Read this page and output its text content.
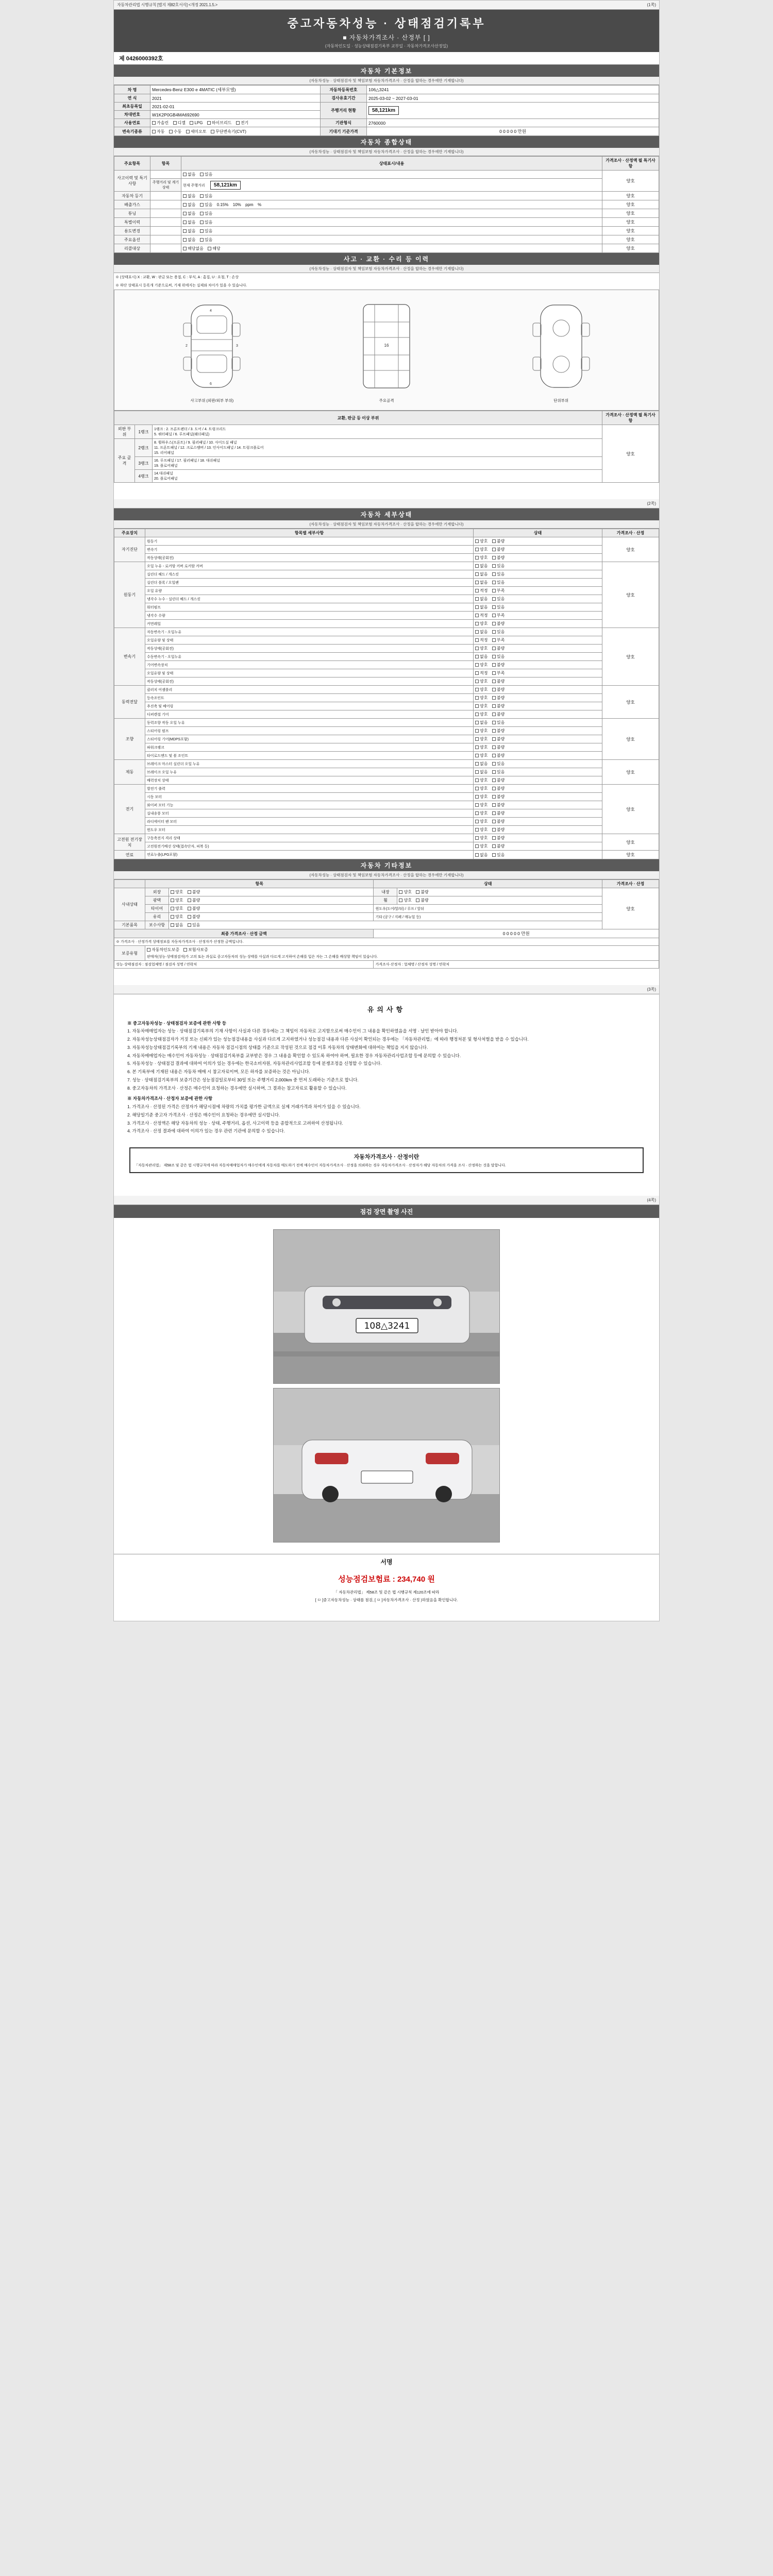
자동차관리법 시행규칙 [별지 제82호서식] <개정 2021.1.5.>	(1쪽)
중고자동차성능 · 상태점검기록부
■ 자동차가격조사 · 산정부 [ ]
(자동차인도일 · 성능상태점검기록부 교부일 · 자동차가격조사산정일)
제 0426000392호
자동차 기본정보
(자동차성능 · 상태점검자 및 책임보험 자동차가격조사 · 산정을 합하는 경우에만 기재합니다)
차 명	Mercedes-Benz E300 e 4MATIC (세부모델)	자동차등록번호	106△3241
연 식	2021	검사유효기간	2025-03-02 ~ 2027-03-01
최초등록일	2021-02-01	주행거리 현황	58,121km
차대번호	W1K2P0GB4MA692690		
사용연료	가솔린 디젤 LPG 하이브리드 전기	기관형식	2760000
변속기종류	자동 수동 세미오토 무단변속기(CVT)	기대기 기준가격	0 0 0 0 0 만원
자동차 종합상태
(자동차성능 · 상태점검자 및 책임보험 자동차가격조사 · 산정을 합하는 경우에만 기재합니다)
주요항목	항목	상태표시/내용	가격조사 · 산정액 필 특기사항
사고이력 및 특기사항		없음 있음	양호
	주행거리 및 계기상태	현재 주행거리 58,121km	
자동차 등기		없음 있음	양호
배출가스		없음 있음 0.15% 10% ppm %	양호
튜닝		없음 있음	양호
특별이력		없음 있음	양호
용도변경		없음 있음	양호
주요옵션		없음 있음	양호
리콜대상		해당없음 해당	양호
사고 · 교환 · 수리 등 이력
(자동차성능 · 상태점검자 및 책임보험 자동차가격조사 · 산정을 합하는 경우에만 기재합니다)
※ (상태표시) X : 교환, W : 판금 또는 용접, C : 부식, A : 흠집, U : 요철, T : 손상
※ 하단 상태표시 등록개 기준으로써, 기재 위에지는 실제와 차이가 있을 수 있습니다.
4
6
2	3
사고부위 (외판/외부 부위)
16
주요골격	단위부위
교환, 판금 등 이상 부위			가격조사 · 산정액 필 특기사항
외판 부위	1랭크	1랭크 : 2. 프론트펜더 / 3. 도어 / 4. 트렁크리드
5. 쿼터패널 / 6. 루프패널(웨더패널)	양호
주요 골격	2랭크	8. 휠하우스(프론트) / 9. 필러패널 / 10. 사이드실 패널
11. 프론트패널 / 12. 크로스멤버 / 13. 인사이드패널 / 14. 트렁크플로어
15. 리어패널	

	3랭크	16. 루프패널 / 17. 필러패널 / 18. 대쉬패널
19. 플로어패널	

	4랭크	14.대쉬패널
20. 플로어패널	
(2쪽)
자동차 세부상태
(자동차성능 · 상태점검자 및 책임보험 자동차가격조사 · 산정을 합하는 경우에만 기재합니다)
주요장치	항목별 세부사항	상태	가격조사 · 산정
자기진단	원동기	양호 불량	양호
	변속기	양호 불량	
	작동상태(공회전)	양호 불량	
원동기	오일 누유 - 로커암 커버 로커암 커버	없음 있음	양호
	실린더 헤드 / 개스킷	없음 있음	
	실린더 블록 / 오일팬	없음 있음	
	오일 유량	적정 부족	
	냉각수 누수 - 실린더 헤드 / 개스킷	없음 있음	
	워터펌프	없음 있음	
	냉각수 수량	적정 부족	
	커먼레일	양호 불량	
변속기	자동변속기 - 오일누유	없음 있음	양호
	오일유량 및 상태	적정 부족	
	작동상태(공회전)	양호 불량	
	수동변속기 - 오일누유	없음 있음	
	기어변속장치	양호 불량	
	오일유량 및 상태	적정 부족	
	작동상태(공회전)	양호 불량	
동력전달	클러치 어셈블리	양호 불량	양호
	등속조인트	양호 불량	
	추진축 및 베어링	양호 불량	
	디퍼렌셜 기어	양호 불량	
조향	동력조향 작동 오일 누유	없음 있음	양호
	스티어링 펌프	양호 불량	
	스티어링 기어(MDPS포함)	양호 불량	
	파워크랭크	양호 불량	
	타이로드엔드 및 볼 조인트	양호 불량	
제동	브레이크 마스터 실린더 오일 누유	없음 있음	양호
	브레이크 오일 누유	없음 있음	
	배력장치 상태	양호 불량	
전기	발전기 출력	양호 불량	양호
	시동 모터	양호 불량	
	와이퍼 모터 기능	양호 불량	
	실내송풍 모터	양호 불량	
	라디에이터 팬 모터	양호 불량	
	윈도우 모터	양호 불량	
고전원 전기장치	구동축전지 격리 상태	양호 불량	양호
	고전원전기배선 상태(접속단자, 피복 등)	양호 불량	
연료	연료누출(LPG포함)	없음 있음	양호
자동차 기타정보
(자동차성능 · 상태점검자 및 책임보험 자동차가격조사 · 산정을 합하는 경우에만 기재합니다)
	항목		상태		가격조사 · 산정
사내상태	외장	양호 불량	내장	양호 불량	양호
	광택	양호 불량	휠	양호 불량	
	타이어	양호 불량	윈도우(도어/앞/뒤) / 루프 / 앞뒤		
	유리	양호 불량	기타 (공구 / 지폐 / 매뉴얼 등)		
기본품목	보수사항	없음 있음			
최종 가격조사 · 산정 금액			0 0 0 0 0 만원		
※ 가격조사 · 산정가격 상태정보를 자동차가격조사 · 산정자가 산정한 금액입니다.					
보증유형	자동차인도보증 보험사보증
판매자(성능·상태점검자)가 고의 또는 과실로 중고자동차의 성능·상태를 사실과 다르게 고지하여 손해를 입은 자는 그 손해를 배상할 책임이 있습니다.				

성능·상태점검자 : 점검업체명 / 점검자 성명 / 연락처			가격조사·산정자 : 업체명 / 산정자 성명 / 연락처		
(3쪽)
유의사항

※ 중고자동차성능 · 상태점검자 보증에 관한 사항 등

1. 자동차매매업자는 성능 · 상태점검기록부의 기재 사항이 사실과 다른 경우에는 그 책임이 자동차로 고지함으로써 매수인이 그 내용을 확인하였음을 서명 · 날인 받아야 합니다.

2. 자동차성능상태점검자가 거짓 또는 신뢰가 있는 성능점검내용을 사실과 다르게 고지하였거나 성능점검 내용과 다른 사실이 확인되는 경우에는 「자동차관리법」에 따라 행정처분 및 형사처벌을 받을 수 있습니다.

3. 자동차성능상태점검기록부의 기재 내용은 자동차 점검시점의 상태를 기준으로 작성된 것으로 점검 이후 자동차의 상태변화에 대하여는 책임을 지지 않습니다.

4. 자동차매매업자는 매수인이 자동차성능 · 상태점검기록부를 교부받은 경우 그 내용을 확인할 수 있도록 하여야 하며, 필요한 경우 자동차관리사업조합 등에 문의할 수 있습니다.

5. 자동차성능 · 상태점검 결과에 대하여 이의가 있는 경우에는 한국소비자원, 자동차관리사업조합 등에 분쟁조정을 신청할 수 있습니다.

6. 본 기록부에 기재된 내용은 자동차 매매 시 참고자료이며, 모든 하자를 보증하는 것은 아닙니다.

7. 성능 · 상태점검기록부의 보증기간은 성능점검일로부터 30일 또는 주행거리 2,000km 중 먼저 도래하는 기준으로 합니다.

8. 중고자동차의 가격조사 · 산정은 매수인이 요청하는 경우에만 실시하며, 그 결과는 참고자료로 활용할 수 있습니다.

※ 자동차가격조사 · 산정자 보증에 관한 사항

1. 가격조사 · 산정된 가격은 산정자가 해당시점에 차량의 가치를 평가한 금액으로 실제 거래가격과 차이가 있을 수 있습니다.

2. 해당일기준 중고자 가격조사 · 산정은 매수인이 요청하는 경우에만 실시합니다.

3. 가격조사 · 산정액은 해당 자동차의 성능 · 상태, 주행거리, 옵션, 사고이력 등을 종합적으로 고려하여 산정됩니다.

4. 가격조사 · 산정 결과에 대하여 이의가 있는 경우 관련 기관에 문의할 수 있습니다.

자동차가격조사 · 산정이란
「자동차관리법」 제58조 및 같은 법 시행규칙에 따라 자동차매매업자가 매수인에게 자동차를 매도하기 전에 매수인이 자동차가격조사 · 산정을 의뢰하는 경우 자동차가격조사 · 산정자가 해당 자동차의 가격을 조사 · 산정하는 것을 말합니다.
(4쪽)
점검 장면 촬영 사진
108△3241
서명
성능점검보험료 : 234,740 원
「 자동차관리법」 제58조 및 같은 법 시행규칙 제120조에 따라
[ ㅁ ]중고자동차성능 · 상태를 점검, [ ㅁ ]자동차가격조사 · 산정 )하였음을 확인합니다.
